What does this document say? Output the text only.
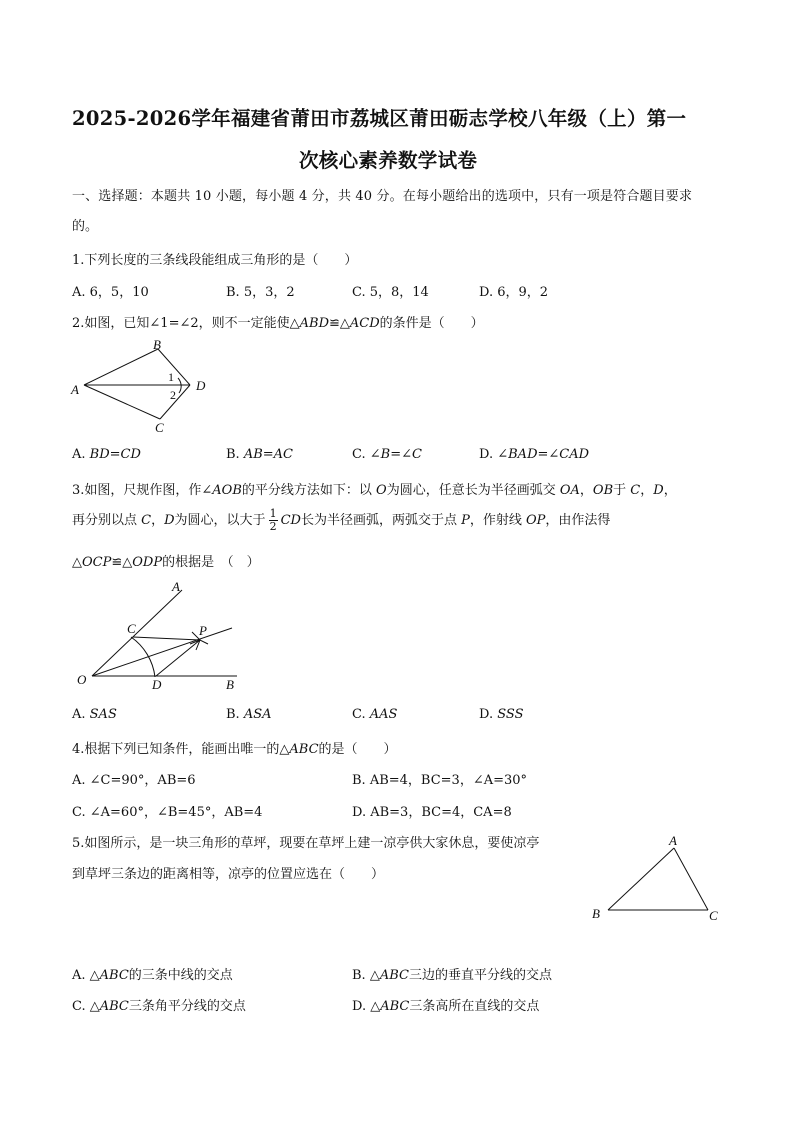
2025-2026学年福建省莆田市荔城区莆田砺志学校八年级（上）第一
次核心素养数学试卷
一、选择题：本题共 10 小题，每小题 4 分，共 40 分。在每小题给出的选项中，只有一项是符合题目要求
的。
1.下列长度的三条线段能组成三角形的是（　　）
A. 6，5，10	B. 5，3，2	C. 5，8，14	D. 6，9，2
2.如图，已知∠1=∠2，则不一定能使△ABD≌△ACD的条件是（　　）
B
A	D
C
1
2
A. BD=CD	B. AB=AC	C. ∠B=∠C	D. ∠BAD=∠CAD
3.如图，尺规作图，作∠AOB的平分线方法如下：以 O为圆心，任意长为半径画弧交 OA，OB于 C，D，
再分别以点 C，D为圆心，以大于 $\frac{1}{2}$ CD长为半径画弧，两弧交于点 P，作射线 OP，由作法得
△OCP≌△ODP的根据是　（　）
A
C	P
O	D	B
A. SAS	B. ASA	C. AAS	D. SSS
4.根据下列已知条件，能画出唯一的△ABC的是（　　）
A. ∠C=90°，AB=6	B. AB=4，BC=3，∠A=30°
C. ∠A=60°，∠B=45°，AB=4	D. AB=3，BC=4，CA=8
5.如图所示，是一块三角形的草坪，现要在草坪上建一凉亭供大家休息，要使凉亭
到草坪三条边的距离相等，凉亭的位置应选在（　　）
A
B	C
A. △ABC的三条中线的交点	B. △ABC三边的垂直平分线的交点
C. △ABC三条角平分线的交点	D. △ABC三条高所在直线的交点
